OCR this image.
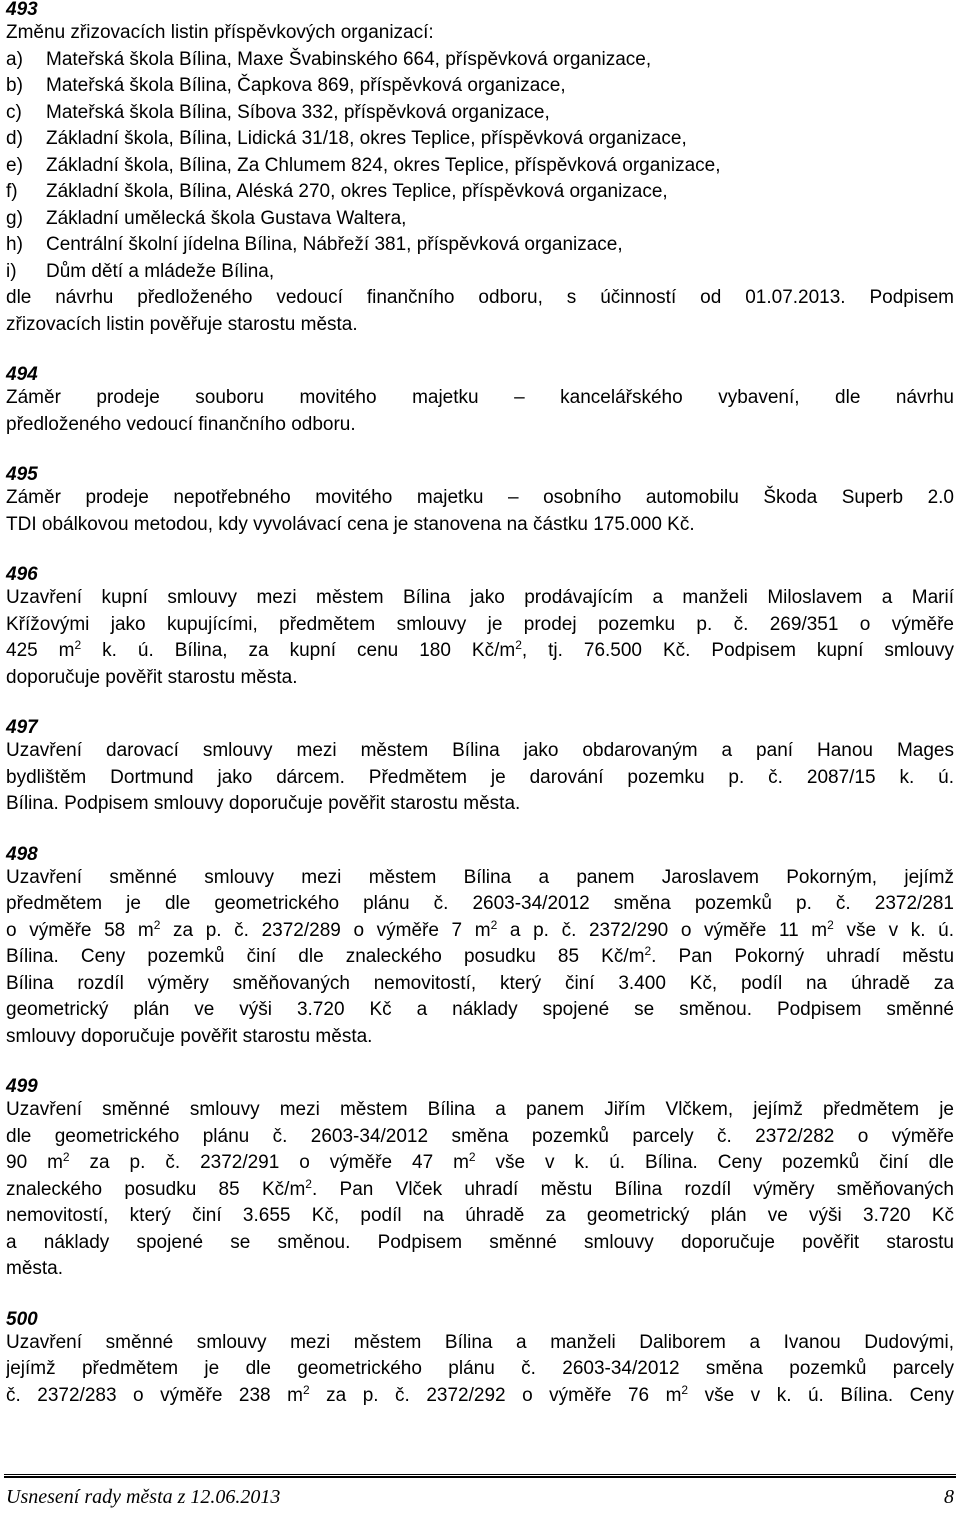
493

Změnu zřizovacích listin příspěvkových organizací:
a)	Mateřská škola Bílina, Maxe Švabinského 664, příspěvková organizace,
b)	Mateřská škola Bílina, Čapkova 869, příspěvková organizace,
c)	Mateřská škola Bílina, Síbova 332, příspěvková organizace,
d)	Základní škola, Bílina, Lidická 31/18, okres Teplice, příspěvková organizace,
e)	Základní škola, Bílina, Za Chlumem 824, okres Teplice, příspěvková organizace,
f)	Základní škola, Bílina, Aléská 270, okres Teplice, příspěvková organizace,
g)	Základní umělecká škola Gustava Waltera,
h)	Centrální školní jídelna Bílina, Nábřeží 381, příspěvková organizace,
i)	Dům dětí a mládeže Bílina,
dle návrhu předloženého vedoucí finančního odboru, s účinností od 01.07.2013. Podpisem
zřizovacích listin pověřuje starostu města.

494

Záměr prodeje souboru movitého majetku – kancelářského vybavení, dle návrhu
předloženého vedoucí finančního odboru.

495

Záměr prodeje nepotřebného movitého majetku – osobního automobilu Škoda Superb 2.0
TDI obálkovou metodou, kdy vyvolávací cena je stanovena na částku 175.000 Kč.

496

Uzavření kupní smlouvy mezi městem Bílina jako prodávajícím a manželi Miloslavem a Marií
Křížovými jako kupujícími, předmětem smlouvy je prodej pozemku p. č. 269/351 o výměře
425 $m^2$ k. ú. Bílina, za kupní cenu 180 $Kč/m^2$, tj. 76.500 Kč. Podpisem kupní smlouvy
doporučuje pověřit starostu města.

497

Uzavření darovací smlouvy mezi městem Bílina jako obdarovaným a paní Hanou Mages
bydlištěm Dortmund jako dárcem. Předmětem je darování pozemku p. č. 2087/15 k. ú.
Bílina. Podpisem smlouvy doporučuje pověřit starostu města.

498

Uzavření směnné smlouvy mezi městem Bílina a panem Jaroslavem Pokorným, jejímž
předmětem je dle geometrického plánu č. 2603-34/2012 směna pozemků p. č. 2372/281
o výměře 58 $m^2$ za p. č. 2372/289 o výměře 7 $m^2$ a p. č. 2372/290 o výměře 11 $m^2$ vše v k. ú.
Bílina. Ceny pozemků činí dle znaleckého posudku 85 $Kč/m^2$. Pan Pokorný uhradí městu
Bílina rozdíl výměry směňovaných nemovitostí, který činí 3.400 Kč, podíl na úhradě za
geometrický plán ve výši 3.720 Kč a náklady spojené se směnou. Podpisem směnné
smlouvy doporučuje pověřit starostu města.

499

Uzavření směnné smlouvy mezi městem Bílina a panem Jiřím Vlčkem, jejímž předmětem je
dle geometrického plánu č. 2603-34/2012 směna pozemků parcely č. 2372/282 o výměře
90 $m^2$ za p. č. 2372/291 o výměře 47 $m^2$ vše v k. ú. Bílina. Ceny pozemků činí dle
znaleckého posudku 85 $Kč/m^2$. Pan Vlček uhradí městu Bílina rozdíl výměry směňovaných
nemovitostí, který činí 3.655 Kč, podíl na úhradě za geometrický plán ve výši 3.720 Kč
a náklady spojené se směnou. Podpisem směnné smlouvy doporučuje pověřit starostu
města.

500

Uzavření směnné smlouvy mezi městem Bílina a manželi Daliborem a Ivanou Dudovými,
jejímž předmětem je dle geometrického plánu č. 2603-34/2012 směna pozemků parcely
č. 2372/283 o výměře 238 $m^2$ za p. č. 2372/292 o výměře 76 $m^2$ vše v k. ú. Bílina. Ceny
Usnesení rady města z 12.06.2013	8
